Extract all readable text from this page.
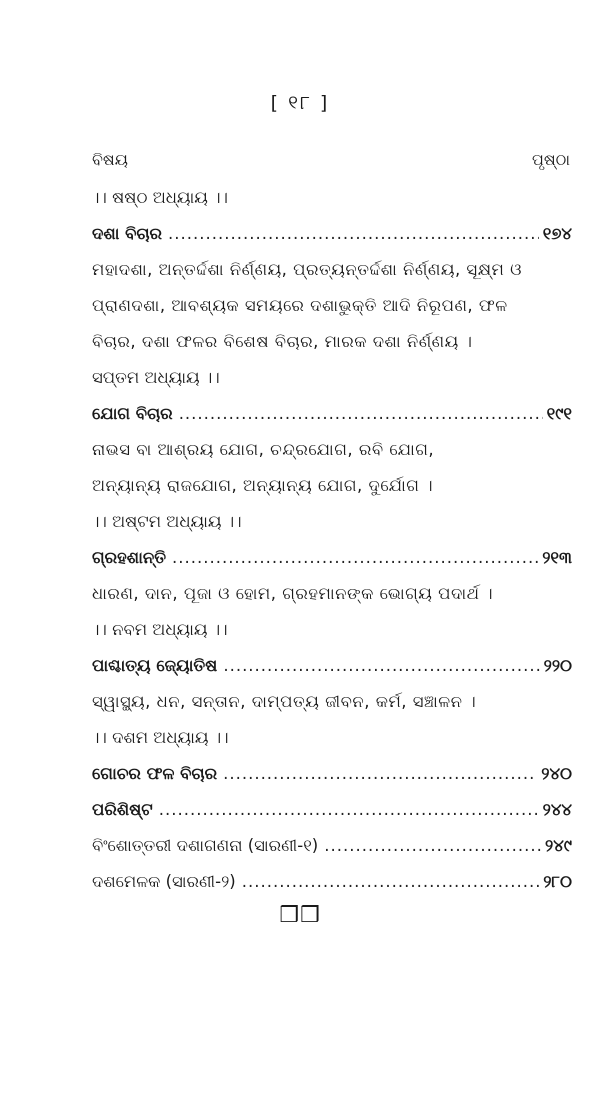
[ ୧୮ ]
ବିଷୟ	ପୃଷ୍ଠା
।। ଷଷ୍ଠ ଅଧ୍ୟାୟ ।।
ଦଶା ବିଚାର .....	୧୭୪
ମହାଦଶା, ଅନ୍ତର୍ଦ୍ଦଶା ନିର୍ଣ୍ଣୟ, ପ୍ରତ୍ୟନ୍ତର୍ଦ୍ଦଶା ନିର୍ଣ୍ଣୟ, ସୂକ୍ଷ୍ମ ଓ
ପ୍ରାଣଦଶା, ଆବଶ୍ୟକ ସମୟରେ ଦଶାଭୁକ୍ତି ଆଦି ନିରୂପଣ, ଫଳ
ବିଚାର, ଦଶା ଫଳର ବିଶେଷ ବିଚାର, ମାରକ ଦଶା ନିର୍ଣ୍ଣୟ ।
ସପ୍ତମ ଅଧ୍ୟାୟ ।।
ଯୋଗ ବିଚାର .....	୧୯୧
ନାଭସ ବା ଆଶ୍ରୟ ଯୋଗ, ଚନ୍ଦ୍ରଯୋଗ, ରବି ଯୋଗ,
ଅନ୍ୟାନ୍ୟ ରାଜଯୋଗ, ଅନ୍ୟାନ୍ୟ ଯୋଗ, ଦୁର୍ଯୋଗ ।
।। ଅଷ୍ଟମ ଅଧ୍ୟାୟ ।।
ଗ୍ରହଶାନ୍ତି .....	୨୧୩
ଧାରଣ, ଦାନ, ପୂଜା ଓ ହୋମ, ଗ୍ରହମାନଙ୍କ ଭୋଗ୍ୟ ପଦାର୍ଥ ।
।। ନବମ ଅଧ୍ୟାୟ ।।
ପାଶ୍ଚାତ୍ୟ ଜ୍ୟୋତିଷ .....	୨୨୦
ସ୍ୱାସ୍ଥ୍ୟ, ଧନ, ସନ୍ତାନ, ଦାମ୍ପତ୍ୟ ଜୀବନ, କର୍ମ, ସଞ୍ଚାଳନ ।
।। ଦଶମ ଅଧ୍ୟାୟ ।।
ଗୋଚର ଫଳ ବିଚାର .....	୨୪୦
ପରିଶିଷ୍ଟ .....	୨୪୪
ବିଂଶୋତ୍ତରୀ ଦଶାଗଣନା (ସାରଣୀ-୧) .....	୨୪୯
ଦଶମେଳକ (ସାରଣୀ-୨) .....	୨୮୦
❒❒
